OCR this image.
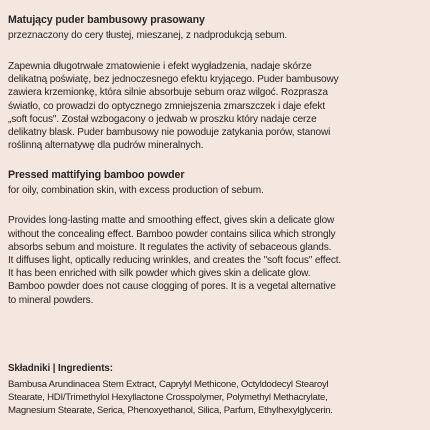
Matujący puder bambusowy prasowany
przeznaczony do cery tłustej, mieszanej, z nadprodukcją sebum.
Zapewnia długotrwałe zmatowienie i efekt wygładzenia, nadaje skórze
delikatną poświatę, bez jednoczesnego efektu kryjącego. Puder bambusowy
zawiera krzemionkę, która silnie absorbuje sebum oraz wilgoć. Rozprasza
światło, co prowadzi do optycznego zmniejszenia zmarszczek i daje efekt
„soft focus". Został wzbogacony o jedwab w proszku który nadaje cerze
delikatny blask. Puder bambusowy nie powoduje zatykania porów, stanowi
roślinną alternatywę dla pudrów mineralnych.
Pressed mattifying bamboo powder
for oily, combination skin, with excess production of sebum.
Provides long-lasting matte and smoothing effect, gives skin a delicate glow
without the concealing effect. Bamboo powder contains silica which strongly
absorbs sebum and moisture. It regulates the activity of sebaceous glands.
It diffuses light, optically reducing wrinkles, and creates the "soft focus" effect.
It has been enriched with silk powder which gives skin a delicate glow.
Bamboo powder does not cause clogging of pores. It is a vegetal alternative
to mineral powders.
Składniki | Ingredients:
Bambusa Arundinacea Stem Extract, Caprylyl Methicone, Octyldodecyl Stearoyl
Stearate, HDI/Trimethylol Hexyllactone Crosspolymer, Polymethyl Methacrylate,
Magnesium Stearate, Serica, Phenoxyethanol, Silica, Parfum, Ethylhexylglycerin.
